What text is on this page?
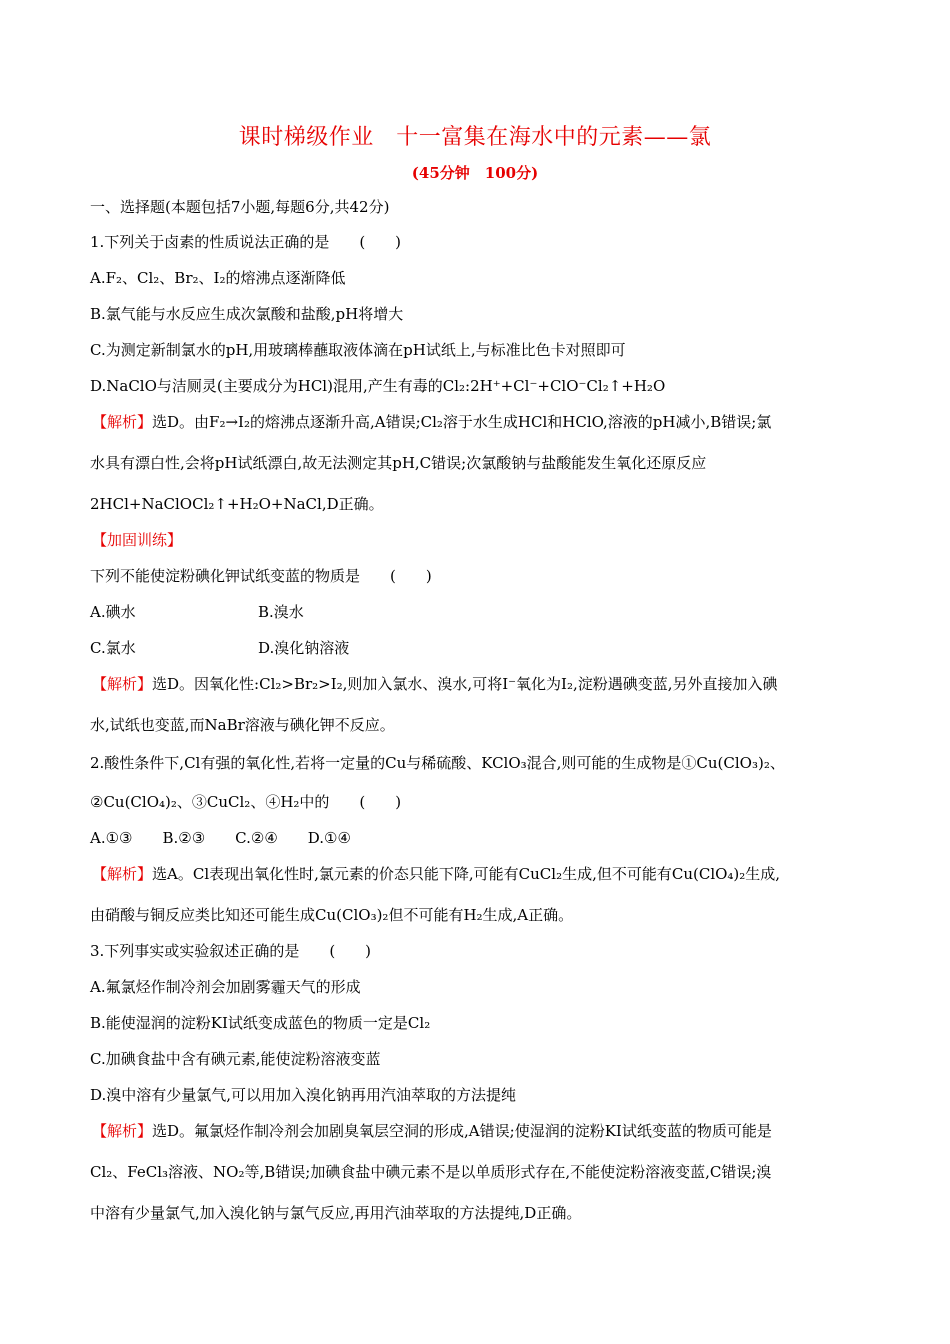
课时梯级作业　十一富集在海水中的元素——氯
(45分钟　100分)
一、选择题(本题包括7小题,每题6分,共42分)
1.下列关于卤素的性质说法正确的是　　(　　)
A.F₂、Cl₂、Br₂、I₂的熔沸点逐渐降低
B.氯气能与水反应生成次氯酸和盐酸,pH将增大
C.为测定新制氯水的pH,用玻璃棒蘸取液体滴在pH试纸上,与标准比色卡对照即可
D.NaClO与洁厕灵(主要成分为HCl)混用,产生有毒的Cl₂:2H⁺+Cl⁻+ClO⁻Cl₂↑+H₂O
【解析】选D。由F₂→I₂的熔沸点逐渐升高,A错误;Cl₂溶于水生成HCl和HClO,溶液的pH减小,B错误;氯
水具有漂白性,会将pH试纸漂白,故无法测定其pH,C错误;次氯酸钠与盐酸能发生氧化还原反应
2HCl+NaClOCl₂↑+H₂O+NaCl,D正确。
【加固训练】
下列不能使淀粉碘化钾试纸变蓝的物质是　　(　　)
A.碘水	B.溴水
C.氯水	D.溴化钠溶液
【解析】选D。因氧化性:Cl₂>Br₂>I₂,则加入氯水、溴水,可将I⁻氧化为I₂,淀粉遇碘变蓝,另外直接加入碘
水,试纸也变蓝,而NaBr溶液与碘化钾不反应。
2.酸性条件下,Cl有强的氧化性,若将一定量的Cu与稀硫酸、KClO₃混合,则可能的生成物是①Cu(ClO₃)₂、
②Cu(ClO₄)₂、③CuCl₂、④H₂中的　　(　　)
A.①③　　B.②③　　C.②④　　D.①④
【解析】选A。Cl表现出氧化性时,氯元素的价态只能下降,可能有CuCl₂生成,但不可能有Cu(ClO₄)₂生成,
由硝酸与铜反应类比知还可能生成Cu(ClO₃)₂但不可能有H₂生成,A正确。
3.下列事实或实验叙述正确的是　　(　　)
A.氟氯烃作制冷剂会加剧雾霾天气的形成
B.能使湿润的淀粉KI试纸变成蓝色的物质一定是Cl₂
C.加碘食盐中含有碘元素,能使淀粉溶液变蓝
D.溴中溶有少量氯气,可以用加入溴化钠再用汽油萃取的方法提纯
【解析】选D。氟氯烃作制冷剂会加剧臭氧层空洞的形成,A错误;使湿润的淀粉KI试纸变蓝的物质可能是
Cl₂、FeCl₃溶液、NO₂等,B错误;加碘食盐中碘元素不是以单质形式存在,不能使淀粉溶液变蓝,C错误;溴
中溶有少量氯气,加入溴化钠与氯气反应,再用汽油萃取的方法提纯,D正确。
